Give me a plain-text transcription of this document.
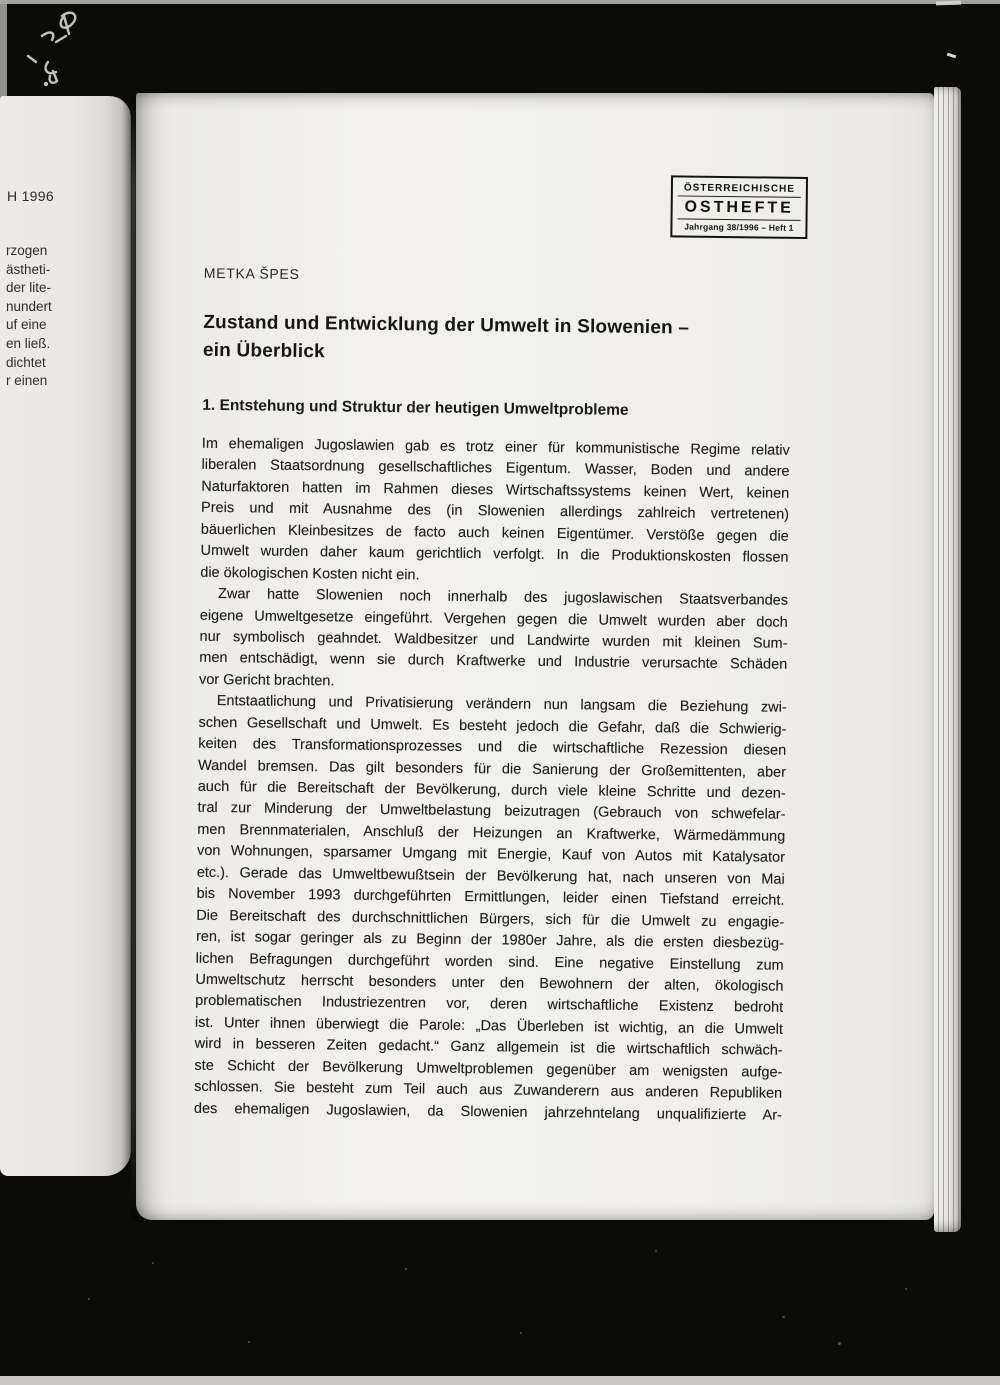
H 1996
rzogen
ästheti-
der lite-
nundert
uf eine
en ließ.
dichtet
r einen
ÖSTERREICHISCHE
OSTHEFTE
Jahrgang 38/1996 – Heft 1
METKA ŠPES
Zustand und Entwicklung der Umwelt in Slowenien –
ein Überblick
1. Entstehung und Struktur der heutigen Umweltprobleme
Im ehemaligen Jugoslawien gab es trotz einer für kommunistische Regime relativ
liberalen Staatsordnung gesellschaftliches Eigentum. Wasser, Boden und andere
Naturfaktoren hatten im Rahmen dieses Wirtschaftssystems keinen Wert, keinen
Preis und mit Ausnahme des (in Slowenien allerdings zahlreich vertretenen)
bäuerlichen Kleinbesitzes de facto auch keinen Eigentümer. Verstöße gegen die
Umwelt wurden daher kaum gerichtlich verfolgt. In die Produktionskosten flossen
die ökologischen Kosten nicht ein.
Zwar hatte Slowenien noch innerhalb des jugoslawischen Staatsverbandes
eigene Umweltgesetze eingeführt. Vergehen gegen die Umwelt wurden aber doch
nur symbolisch geahndet. Waldbesitzer und Landwirte wurden mit kleinen Sum-
men entschädigt, wenn sie durch Kraftwerke und Industrie verursachte Schäden
vor Gericht brachten.
Entstaatlichung und Privatisierung verändern nun langsam die Beziehung zwi-
schen Gesellschaft und Umwelt. Es besteht jedoch die Gefahr, daß die Schwierig-
keiten des Transformationsprozesses und die wirtschaftliche Rezession diesen
Wandel bremsen. Das gilt besonders für die Sanierung der Großemittenten, aber
auch für die Bereitschaft der Bevölkerung, durch viele kleine Schritte und dezen-
tral zur Minderung der Umweltbelastung beizutragen (Gebrauch von schwefelar-
men Brennmaterialen, Anschluß der Heizungen an Kraftwerke, Wärmedämmung
von Wohnungen, sparsamer Umgang mit Energie, Kauf von Autos mit Katalysator
etc.). Gerade das Umweltbewußtsein der Bevölkerung hat, nach unseren von Mai
bis November 1993 durchgeführten Ermittlungen, leider einen Tiefstand erreicht.
Die Bereitschaft des durchschnittlichen Bürgers, sich für die Umwelt zu engagie-
ren, ist sogar geringer als zu Beginn der 1980er Jahre, als die ersten diesbezüg-
lichen Befragungen durchgeführt worden sind. Eine negative Einstellung zum
Umweltschutz herrscht besonders unter den Bewohnern der alten, ökologisch
problematischen Industriezentren vor, deren wirtschaftliche Existenz bedroht
ist. Unter ihnen überwiegt die Parole: „Das Überleben ist wichtig, an die Umwelt
wird in besseren Zeiten gedacht.“ Ganz allgemein ist die wirtschaftlich schwäch-
ste Schicht der Bevölkerung Umweltproblemen gegenüber am wenigsten aufge-
schlossen. Sie besteht zum Teil auch aus Zuwanderern aus anderen Republiken
des ehemaligen Jugoslawien, da Slowenien jahrzehntelang unqualifizierte Ar-
